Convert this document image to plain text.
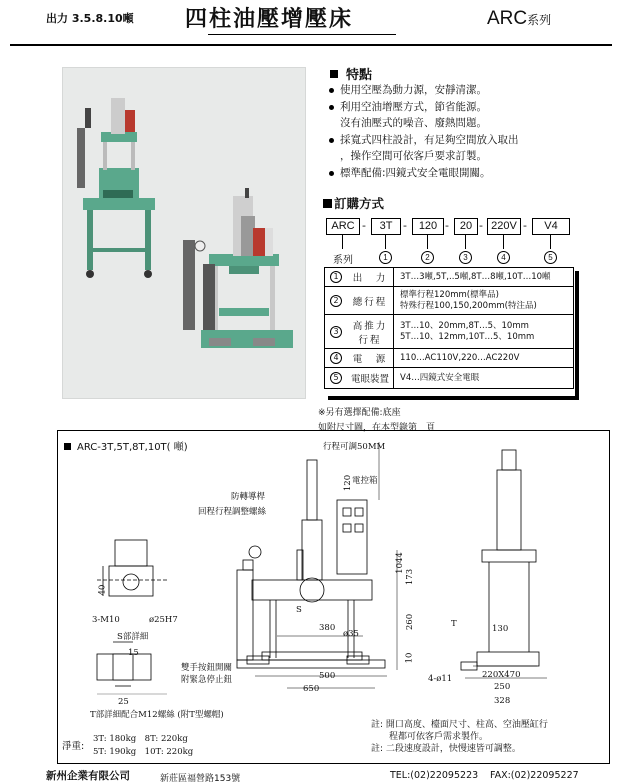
出力 3.5.8.10噸 四柱油壓增壓床	ARC系列
特點
使用空壓為動力源，安靜清潔。
利用空油增壓方式，節省能源。
沒有油壓式的噪音、廢熱問題。
採寬式四柱設計，有足夠空間放入取出
，操作空間可依客戶要求訂製。
標準配備:四鏡式安全電眼開關。
訂購方式
ARC -	3T -	120 - 20 - 220V -	V4
系列	1	2	3	4	5
1	出　力	3T…3噸,5T,..5噸,8T…8噸,10T…10噸
2	總行程	標準行程120mm(標準品)
特殊行程100,150,200mm(特注品)

3	高推力 行程	3T…10、20mm,8T…5、10mm
5T…10、12mm,10T…5、10mm

4	電　源	110…AC110V,220…AC220V
5	電眼裝置	V4…四鏡式安全電眼
※另有選擇配備:底座
如附尺寸圖，在本型錄第　頁
ARC-3T,5T,8T,10T( 噸)
防轉導桿
回程行程調整螺絲
行程可調50MM
電控箱
S部詳細
T部詳細配合M12螺絲 (附T型螺帽)
雙手按鈕開關
附緊急停止鈕
3-M10	ø25H7
ø35
4-ø11
T
S
120
1044
173
260
380
500
650
40
15
25
10
130
250
328
220X470
淨重:
3T: 180kg　8T: 220kg
5T: 190kg　10T: 220kg
註: 開口高度、檯面尺寸、柱高、空油壓缸行
　　程都可依客戶需求製作。
註: 二段速度設計，快慢速皆可調整。
新州企業有限公司	新莊區福營路153號	TEL:(02)22095223 FAX:(02)22095227
